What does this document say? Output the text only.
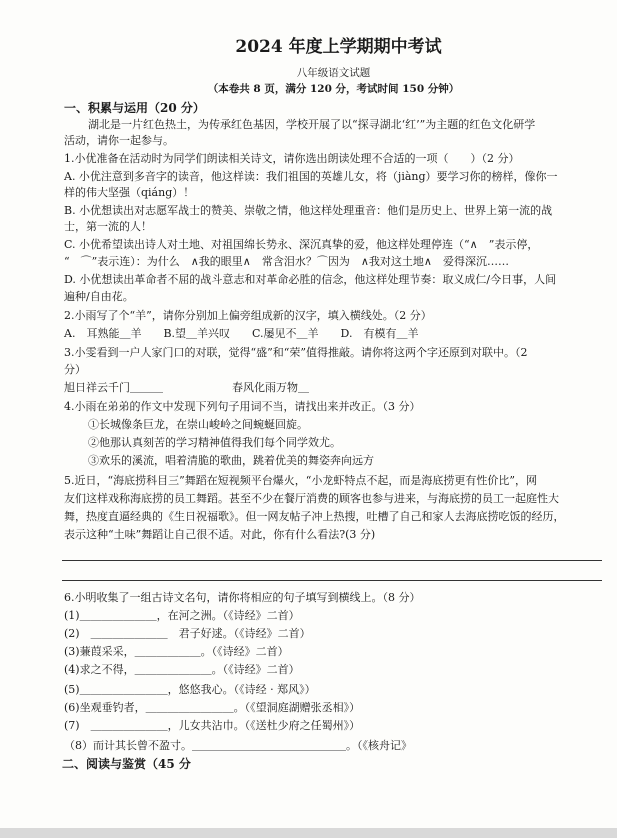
2024 年度上学期期中考试
八年级语文试题
（本卷共 8 页，满分 120 分，考试时间 150 分钟）
一、积累与运用（20 分）
湖北是一片红色热土，为传承红色基因，学校开展了以“探寻湖北‘红’”为主题的红色文化研学
活动，请你一起参与。
1.小优准备在活动时为同学们朗读相关诗文，请你选出朗读处理不合适的一项（　　）（2 分）
A. 小优注意到多音字的读音，他这样读：我们祖国的英雄儿女，将（jiàng）要学习你的榜样，像你一
样的伟大坚强（qiáng）！
B. 小优想读出对志愿军战士的赞美、崇敬之情，他这样处理重音：他们是历史上、世界上第一流的战
士，第一流的人！
C. 小优希望读出诗人对土地、对祖国绵长势永、深沉真挚的爱，他这样处理停连（“∧　”表示停，
“　⌒”表示连）：为什么　∧我的眼里∧　常含泪水？⌒因为　∧我对这土地∧　爱得深沉……
D. 小优想读出革命者不屈的战斗意志和对革命必胜的信念，他这样处理节奏：取义成仁/今日事，人间
遍种/自由花。
2.小雨写了个“羊”，请你分别加上偏旁组成新的汉字，填入横线处。（2 分）
A.　耳熟能＿羊　　B.望＿羊兴叹　　C.屡见不＿羊　　D.　有模有＿羊
3.小雯看到一户人家门口的对联，觉得“盛”和“荣”值得推敲。请你将这两个字还原到对联中。（2
分）
旭日祥云千门＿＿＿	春风化雨万物＿
4.小雨在弟弟的作文中发现下列句子用词不当，请找出来并改正。（3 分）
①长城像条巨龙，在崇山峻岭之间蜿蜒回旋。
②他那认真刻苦的学习精神值得我们每个同学效尤。
③欢乐的溪流，唱着清脆的歌曲，跳着优美的舞姿奔向远方
5.近日，“海底捞科目三”舞蹈在短视频平台爆火，“小龙虾特点不起，而是海底捞更有性价比”，网
友们这样戏称海底捞的员工舞蹈。甚至不少在餐厅消费的顾客也参与进来，与海底捞的员工一起庭性大
舞，热度直逼经典的《生日祝福歌》。但一网友帖子冲上热搜，吐槽了自己和家人去海底捞吃饭的经历，
表示这种“土味”舞蹈让自己很不适。对此，你有什么看法?(3 分)
6.小明收集了一组古诗文名句，请你将相应的句子填写到横线上。（8 分）
(1)＿＿＿＿＿＿＿，在河之洲。（《诗经》二首）
(2)　＿＿＿＿＿＿＿　君子好逑。（《诗经》二首）
(3)蒹葭采采，＿＿＿＿＿＿。（《诗经》二首）
(4)求之不得，＿＿＿＿＿＿＿。（《诗经》二首）
(5)＿＿＿＿＿＿＿＿，悠悠我心。（《诗经 · 郑风》）
(6)坐观垂钓者，＿＿＿＿＿＿＿＿。（《望洞庭湖赠张丞相》）
(7)　＿＿＿＿＿＿＿，儿女共沾巾。（《送杜少府之任蜀州》）
（8）而计其长曾不盈寸。＿＿＿＿＿＿＿＿＿＿＿＿＿＿。（《核舟记》
二、阅读与鉴赏（45 分
